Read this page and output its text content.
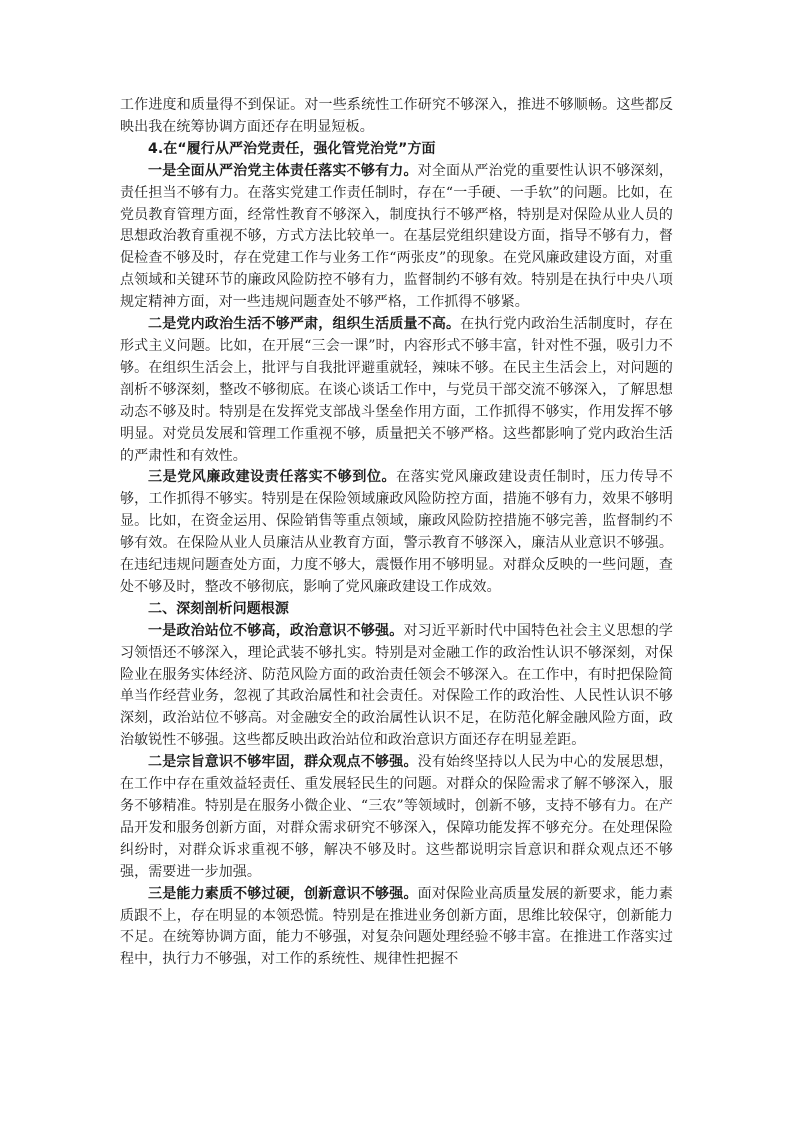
工作进度和质量得不到保证。对一些系统性工作研究不够深入，推进不够顺畅。这些都反映出我在统筹协调方面还存在明显短板。

4.在“履行从严治党责任，强化管党治党”方面

一是全面从严治党主体责任落实不够有力。对全面从严治党的重要性认识不够深刻，责任担当不够有力。在落实党建工作责任制时，存在“一手硬、一手软”的问题。比如，在党员教育管理方面，经常性教育不够深入，制度执行不够严格，特别是对保险从业人员的思想政治教育重视不够，方式方法比较单一。在基层党组织建设方面，指导不够有力，督促检查不够及时，存在党建工作与业务工作“两张皮”的现象。在党风廉政建设方面，对重点领域和关键环节的廉政风险防控不够有力，监督制约不够有效。特别是在执行中央八项规定精神方面，对一些违规问题查处不够严格，工作抓得不够紧。

二是党内政治生活不够严肃，组织生活质量不高。在执行党内政治生活制度时，存在形式主义问题。比如，在开展“三会一课”时，内容形式不够丰富，针对性不强，吸引力不够。在组织生活会上，批评与自我批评避重就轻，辣味不够。在民主生活会上，对问题的剖析不够深刻，整改不够彻底。在谈心谈话工作中，与党员干部交流不够深入，了解思想动态不够及时。特别是在发挥党支部战斗堡垒作用方面，工作抓得不够实，作用发挥不够明显。对党员发展和管理工作重视不够，质量把关不够严格。这些都影响了党内政治生活的严肃性和有效性。

三是党风廉政建设责任落实不够到位。在落实党风廉政建设责任制时，压力传导不够，工作抓得不够实。特别是在保险领域廉政风险防控方面，措施不够有力，效果不够明显。比如，在资金运用、保险销售等重点领域，廉政风险防控措施不够完善，监督制约不够有效。在保险从业人员廉洁从业教育方面，警示教育不够深入，廉洁从业意识不够强。在违纪违规问题查处方面，力度不够大，震慑作用不够明显。对群众反映的一些问题，查处不够及时，整改不够彻底，影响了党风廉政建设工作成效。

二、深刻剖析问题根源

一是政治站位不够高，政治意识不够强。对习近平新时代中国特色社会主义思想的学习领悟还不够深入，理论武装不够扎实。特别是对金融工作的政治性认识不够深刻，对保险业在服务实体经济、防范风险方面的政治责任领会不够深入。在工作中，有时把保险简单当作经营业务，忽视了其政治属性和社会责任。对保险工作的政治性、人民性认识不够深刻，政治站位不够高。对金融安全的政治属性认识不足，在防范化解金融风险方面，政治敏锐性不够强。这些都反映出政治站位和政治意识方面还存在明显差距。

二是宗旨意识不够牢固，群众观点不够强。没有始终坚持以人民为中心的发展思想，在工作中存在重效益轻责任、重发展轻民生的问题。对群众的保险需求了解不够深入，服务不够精准。特别是在服务小微企业、“三农”等领域时，创新不够，支持不够有力。在产品开发和服务创新方面，对群众需求研究不够深入，保障功能发挥不够充分。在处理保险纠纷时，对群众诉求重视不够，解决不够及时。这些都说明宗旨意识和群众观点还不够强，需要进一步加强。

三是能力素质不够过硬，创新意识不够强。面对保险业高质量发展的新要求，能力素质跟不上，存在明显的本领恐慌。特别是在推进业务创新方面，思维比较保守，创新能力不足。在统筹协调方面，能力不够强，对复杂问题处理经验不够丰富。在推进工作落实过程中，执行力不够强，对工作的系统性、规律性把握不
